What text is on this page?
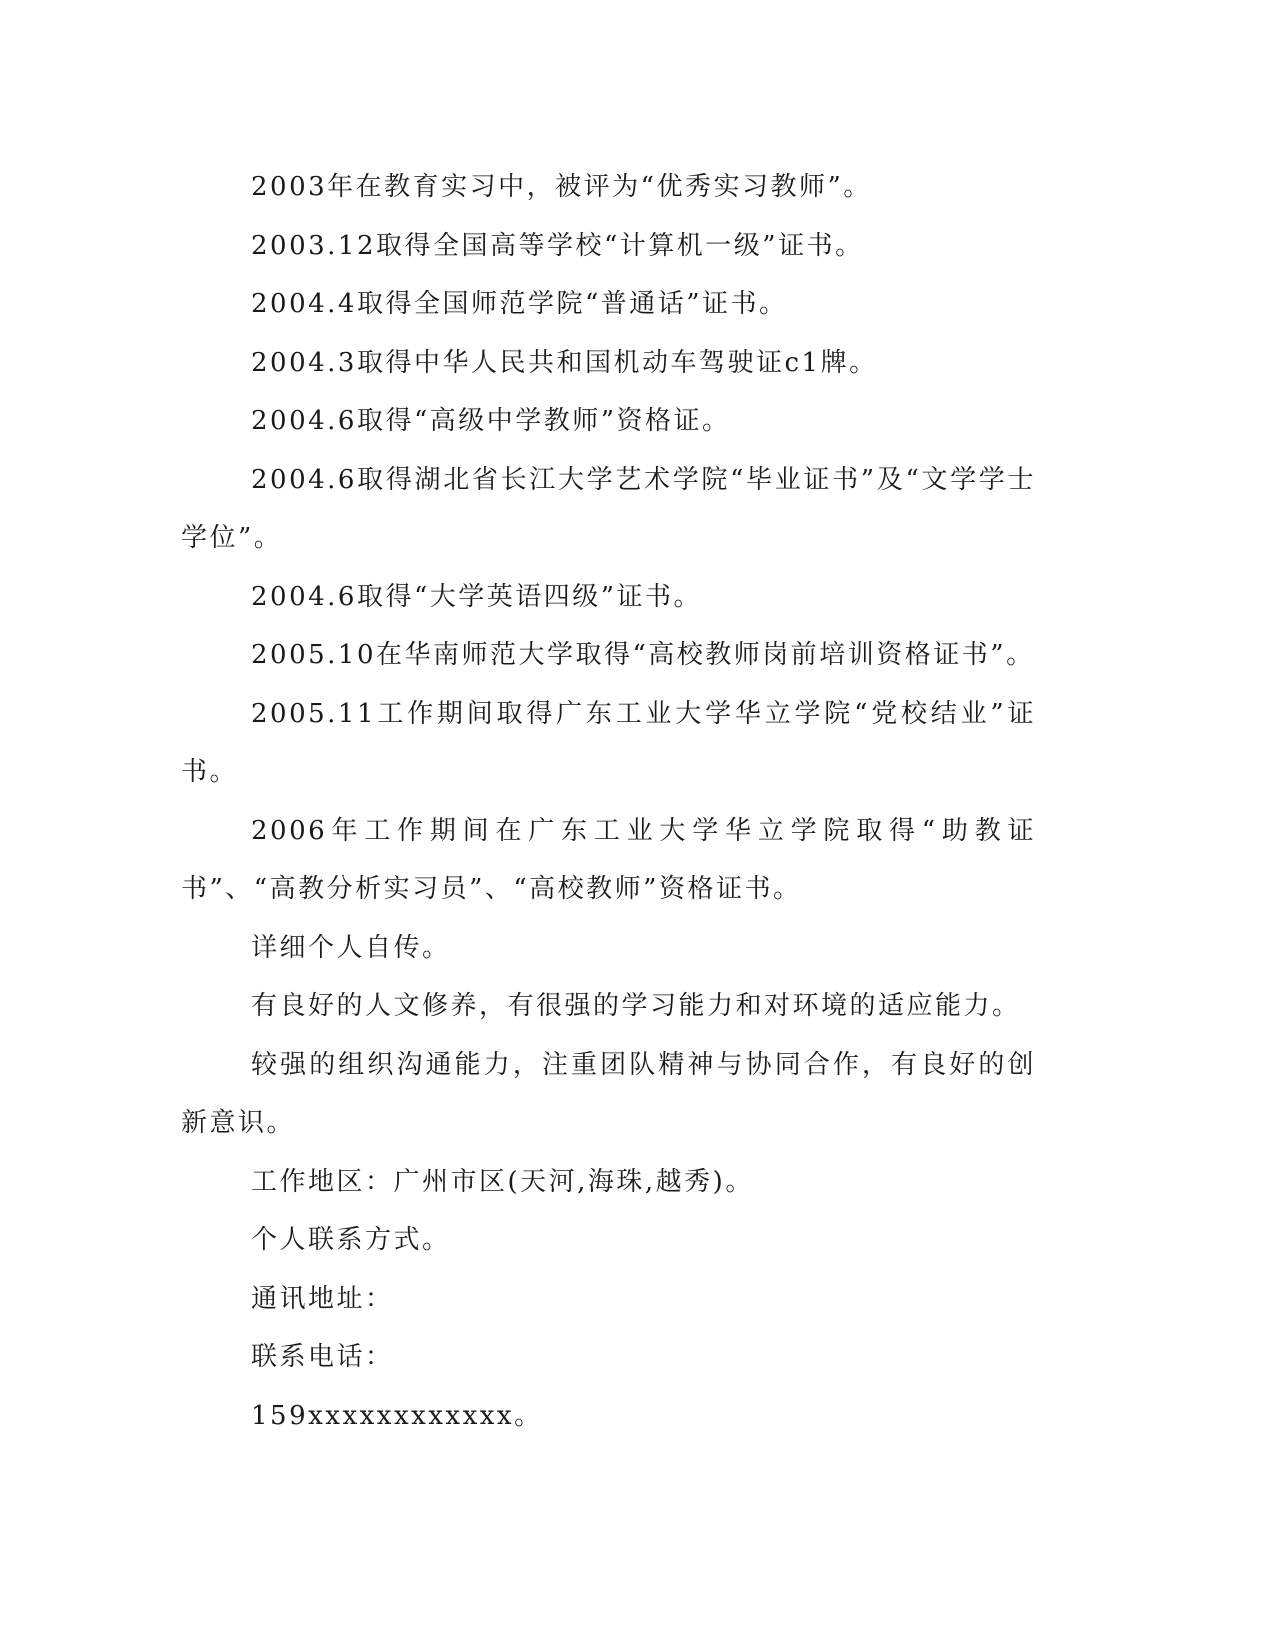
2003年在教育实习中，被评为“优秀实习教师”。

2003.12取得全国高等学校“计算机一级”证书。

2004.4取得全国师范学院“普通话”证书。

2004.3取得中华人民共和国机动车驾驶证c1牌。

2004.6取得“高级中学教师”资格证。

2004.6取得湖北省长江大学艺术学院“毕业证书”及“文学学士学位”。

2004.6取得“大学英语四级”证书。

2005.10在华南师范大学取得“高校教师岗前培训资格证书”。

2005.11工作期间取得广东工业大学华立学院“党校结业”证书。

2006年工作期间在广东工业大学华立学院取得“助教证书”、“高教分析实习员”、“高校教师”资格证书。

详细个人自传。

有良好的人文修养，有很强的学习能力和对环境的适应能力。

较强的组织沟通能力，注重团队精神与协同合作，有良好的创新意识。

工作地区：广州市区(天河,海珠,越秀)。

个人联系方式。

通讯地址：

联系电话：

159xxxxxxxxxxxx。
